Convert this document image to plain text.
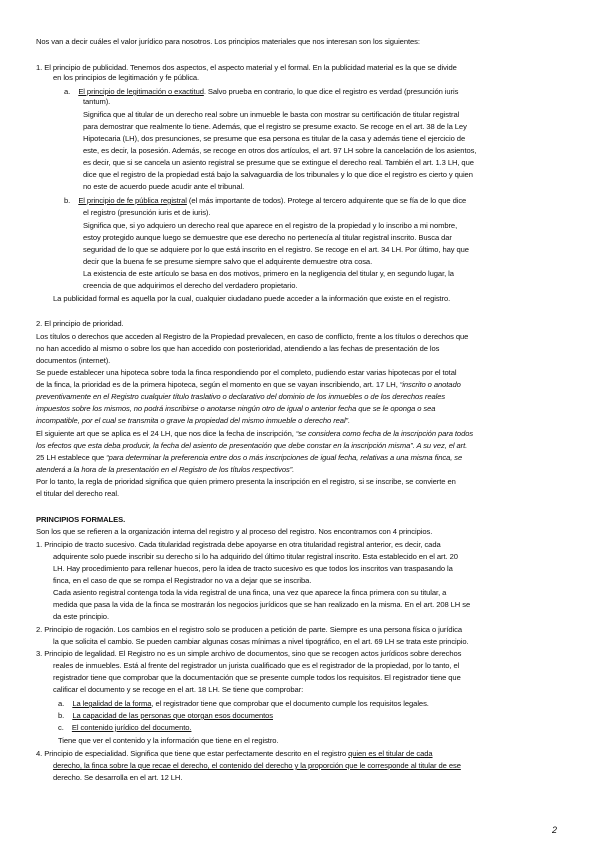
Nos van a decir cuáles el valor jurídico para nosotros. Los principios materiales que nos interesan son los siguientes:
1. El principio de publicidad. Tenemos dos aspectos, el aspecto material y el formal. En la publicidad material es la que se divide
en los principios de legitimación y fe pública.
a. El principio de legitimación o exactitud. Salvo prueba en contrario, lo que dice el registro es verdad (presunción iuris
tantum).
Significa que al titular de un derecho real sobre un inmueble le basta con mostrar su certificación de titular registral
para demostrar que realmente lo tiene. Además, que el registro se presume exacto. Se recoge en el art. 38 de la Ley
Hipotecaria (LH), dos presunciones, se presume que esa persona es titular de la casa y además tiene el ejercicio de
este, es decir, la posesión. Además, se recoge en otros dos artículos, el art. 97 LH sobre la cancelación de los asientos,
es decir, que si se cancela un asiento registral se presume que se extingue el derecho real. También el art. 1.3 LH, que
dice que el registro de la propiedad está bajo la salvaguardia de los tribunales y lo que dice el registro es cierto y quien
no este de acuerdo puede acudir ante el tribunal.
b. El principio de fe pública registral (el más importante de todos). Protege al tercero adquirente que se fía de lo que dice
el registro (presunción iuris et de iuris).
Significa que, si yo adquiero un derecho real que aparece en el registro de la propiedad y lo inscribo a mi nombre,
estoy protegido aunque luego se demuestre que ese derecho no pertenecía al titular registral inscrito. Busca dar
seguridad de lo que se adquiere por lo que está inscrito en el registro. Se recoge en el art. 34 LH. Por último, hay que
decir que la buena fe se presume siempre salvo que el adquirente demuestre otra cosa.
La existencia de este artículo se basa en dos motivos, primero en la negligencia del titular y, en segundo lugar, la
creencia de que adquirimos el derecho del verdadero propietario.
La publicidad formal es aquella por la cual, cualquier ciudadano puede acceder a la información que existe en el registro.
2. El principio de prioridad.
Los títulos o derechos que acceden al Registro de la Propiedad prevalecen, en caso de conflicto, frente a los títulos o derechos que
no han accedido al mismo o sobre los que han accedido con posterioridad, atendiendo a las fechas de presentación de los
documentos (internet).
Se puede establecer una hipoteca sobre toda la finca respondiendo por el completo, pudiendo estar varias hipotecas por el total
de la finca, la prioridad es de la primera hipoteca, según el momento en que se vayan inscribiendo, art. 17 LH, “inscrito o anotado
preventivamente en el Registro cualquier título traslativo o declarativo del dominio de los inmuebles o de los derechos reales
impuestos sobre los mismos, no podrá inscribirse o anotarse ningún otro de igual o anterior fecha que se le oponga o sea
incompatible, por el cual se transmita o grave la propiedad del mismo inmueble o derecho real”.
El siguiente art que se aplica es el 24 LH, que nos dice la fecha de inscripción, “se considera como fecha de la inscripción para todos
los efectos que esta deba producir, la fecha del asiento de presentación que debe constar en la inscripción misma”. A su vez, el art.
25 LH establece que “para determinar la preferencia entre dos o más inscripciones de igual fecha, relativas a una misma finca, se
atenderá a la hora de la presentación en el Registro de los títulos respectivos”.
Por lo tanto, la regla de prioridad significa que quien primero presenta la inscripción en el registro, si se inscribe, se convierte en
el titular del derecho real.
PRINCIPIOS FORMALES.
Son los que se refieren a la organización interna del registro y al proceso del registro. Nos encontramos con 4 principios.
1. Principio de tracto sucesivo. Cada titularidad registrada debe apoyarse en otra titularidad registral anterior, es decir, cada
adquirente solo puede inscribir su derecho si lo ha adquirido del último titular registral inscrito. Esta establecido en el art. 20
LH. Hay procedimiento para rellenar huecos, pero la idea de tracto sucesivo es que todos los inscritos van traspasando la
finca, en el caso de que se rompa el Registrador no va a dejar que se inscriba.
Cada asiento registral contenga toda la vida registral de una finca, una vez que aparece la finca primera con su titular, a
medida que pasa la vida de la finca se mostrarán los negocios jurídicos que se han realizado en la misma. En el art. 208 LH se
da este principio.
2. Principio de rogación. Los cambios en el registro solo se producen a petición de parte. Siempre es una persona física o jurídica
la que solicita el cambio. Se pueden cambiar algunas cosas mínimas a nivel tipográfico, en el art. 69 LH se trata este principio.
3. Principio de legalidad. El Registro no es un simple archivo de documentos, sino que se recogen actos jurídicos sobre derechos
reales de inmuebles. Está al frente del registrador un jurista cualificado que es el registrador de la propiedad, por lo tanto, el
registrador tiene que comprobar que la documentación que se presente cumple todos los requisitos. El registrador tiene que
calificar el documento y se recoge en el art. 18 LH. Se tiene que comprobar:
a. La legalidad de la forma, el registrador tiene que comprobar que el documento cumple los requisitos legales.
b. La capacidad de las personas que otorgan esos documentos
c. El contenido jurídico del documento.
Tiene que ver el contenido y la información que tiene en el registro.
4. Principio de especialidad. Significa que tiene que estar perfectamente descrito en el registro quien es el titular de cada
derecho, la finca sobre la que recae el derecho, el contenido del derecho y la proporción que le corresponde al titular de ese
derecho. Se desarrolla en el art. 12 LH.
2
